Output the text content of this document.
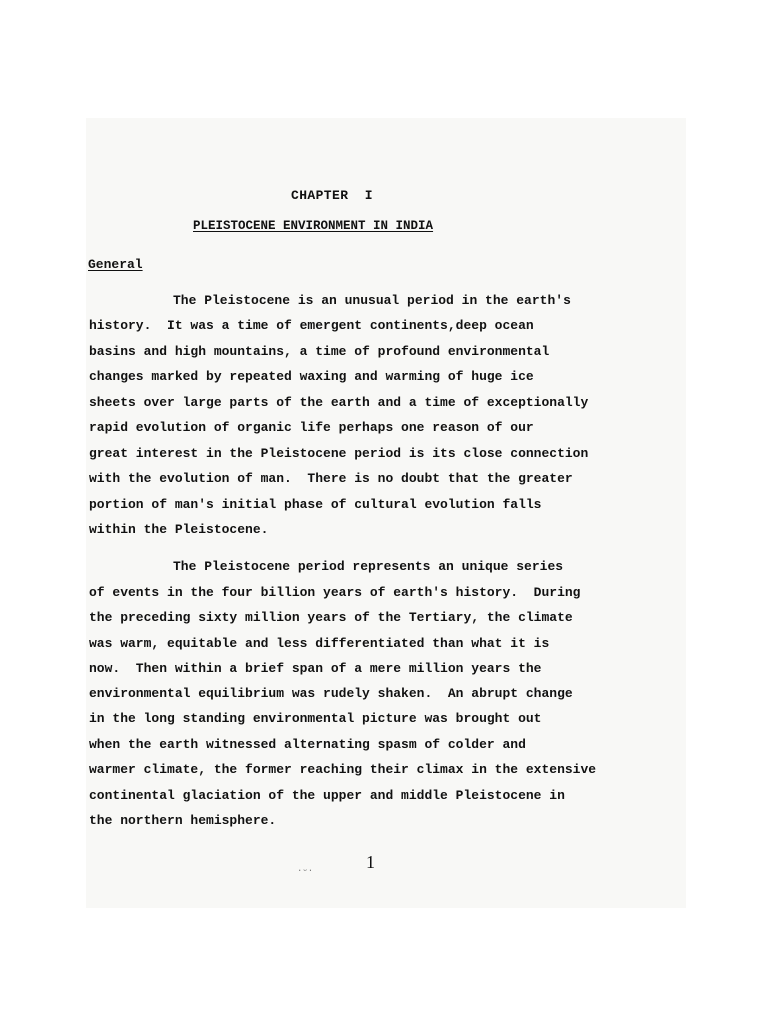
CHAPTER  I
PLEISTOCENE ENVIRONMENT IN INDIA
General
The Pleistocene is an unusual period in the earth's
history.  It was a time of emergent continents,deep ocean
basins and high mountains, a time of profound environmental
changes marked by repeated waxing and warming of huge ice
sheets over large parts of the earth and a time of exceptionally
rapid evolution of organic life perhaps one reason of our
great interest in the Pleistocene period is its close connection
with the evolution of man.  There is no doubt that the greater
portion of man's initial phase of cultural evolution falls
within the Pleistocene.
The Pleistocene period represents an unique series
of events in the four billion years of earth's history.  During
the preceding sixty million years of the Tertiary, the climate
was warm, equitable and less differentiated than what it is
now.  Then within a brief span of a mere million years the
environmental equilibrium was rudely shaken.  An abrupt change
in the long standing environmental picture was brought out
when the earth witnessed alternating spasm of colder and
warmer climate, the former reaching their climax in the extensive
continental glaciation of the upper and middle Pleistocene in
the northern hemisphere.
·ᵕ·	1
